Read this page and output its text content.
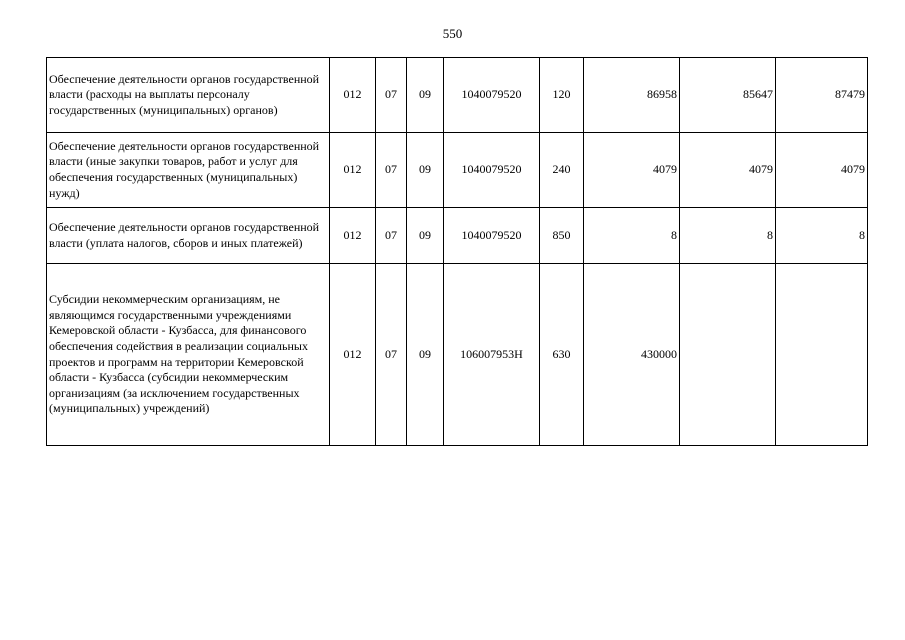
550
Обеспечение деятельности органов государственной власти (расходы на выплаты персоналу государственных (муниципальных) органов)	012	07	09	1040079520	120	86958	85647	87479
Обеспечение деятельности органов государственной власти (иные закупки товаров, работ и услуг для обеспечения государственных (муниципальных) нужд)	012	07	09	1040079520	240	4079	4079	4079
Обеспечение деятельности органов государственной власти (уплата налогов, сборов и иных платежей)	012	07	09	1040079520	850	8	8	8
Субсидии некоммерческим организациям, не являющимся государственными учреждениями Кемеровской области - Кузбасса, для финансового обеспечения содействия в реализации социальных проектов и программ на территории Кемеровской области - Кузбасса (субсидии некоммерческим организациям (за исключением государственных (муниципальных) учреждений)	012	07	09	106007953Н	630	430000		
